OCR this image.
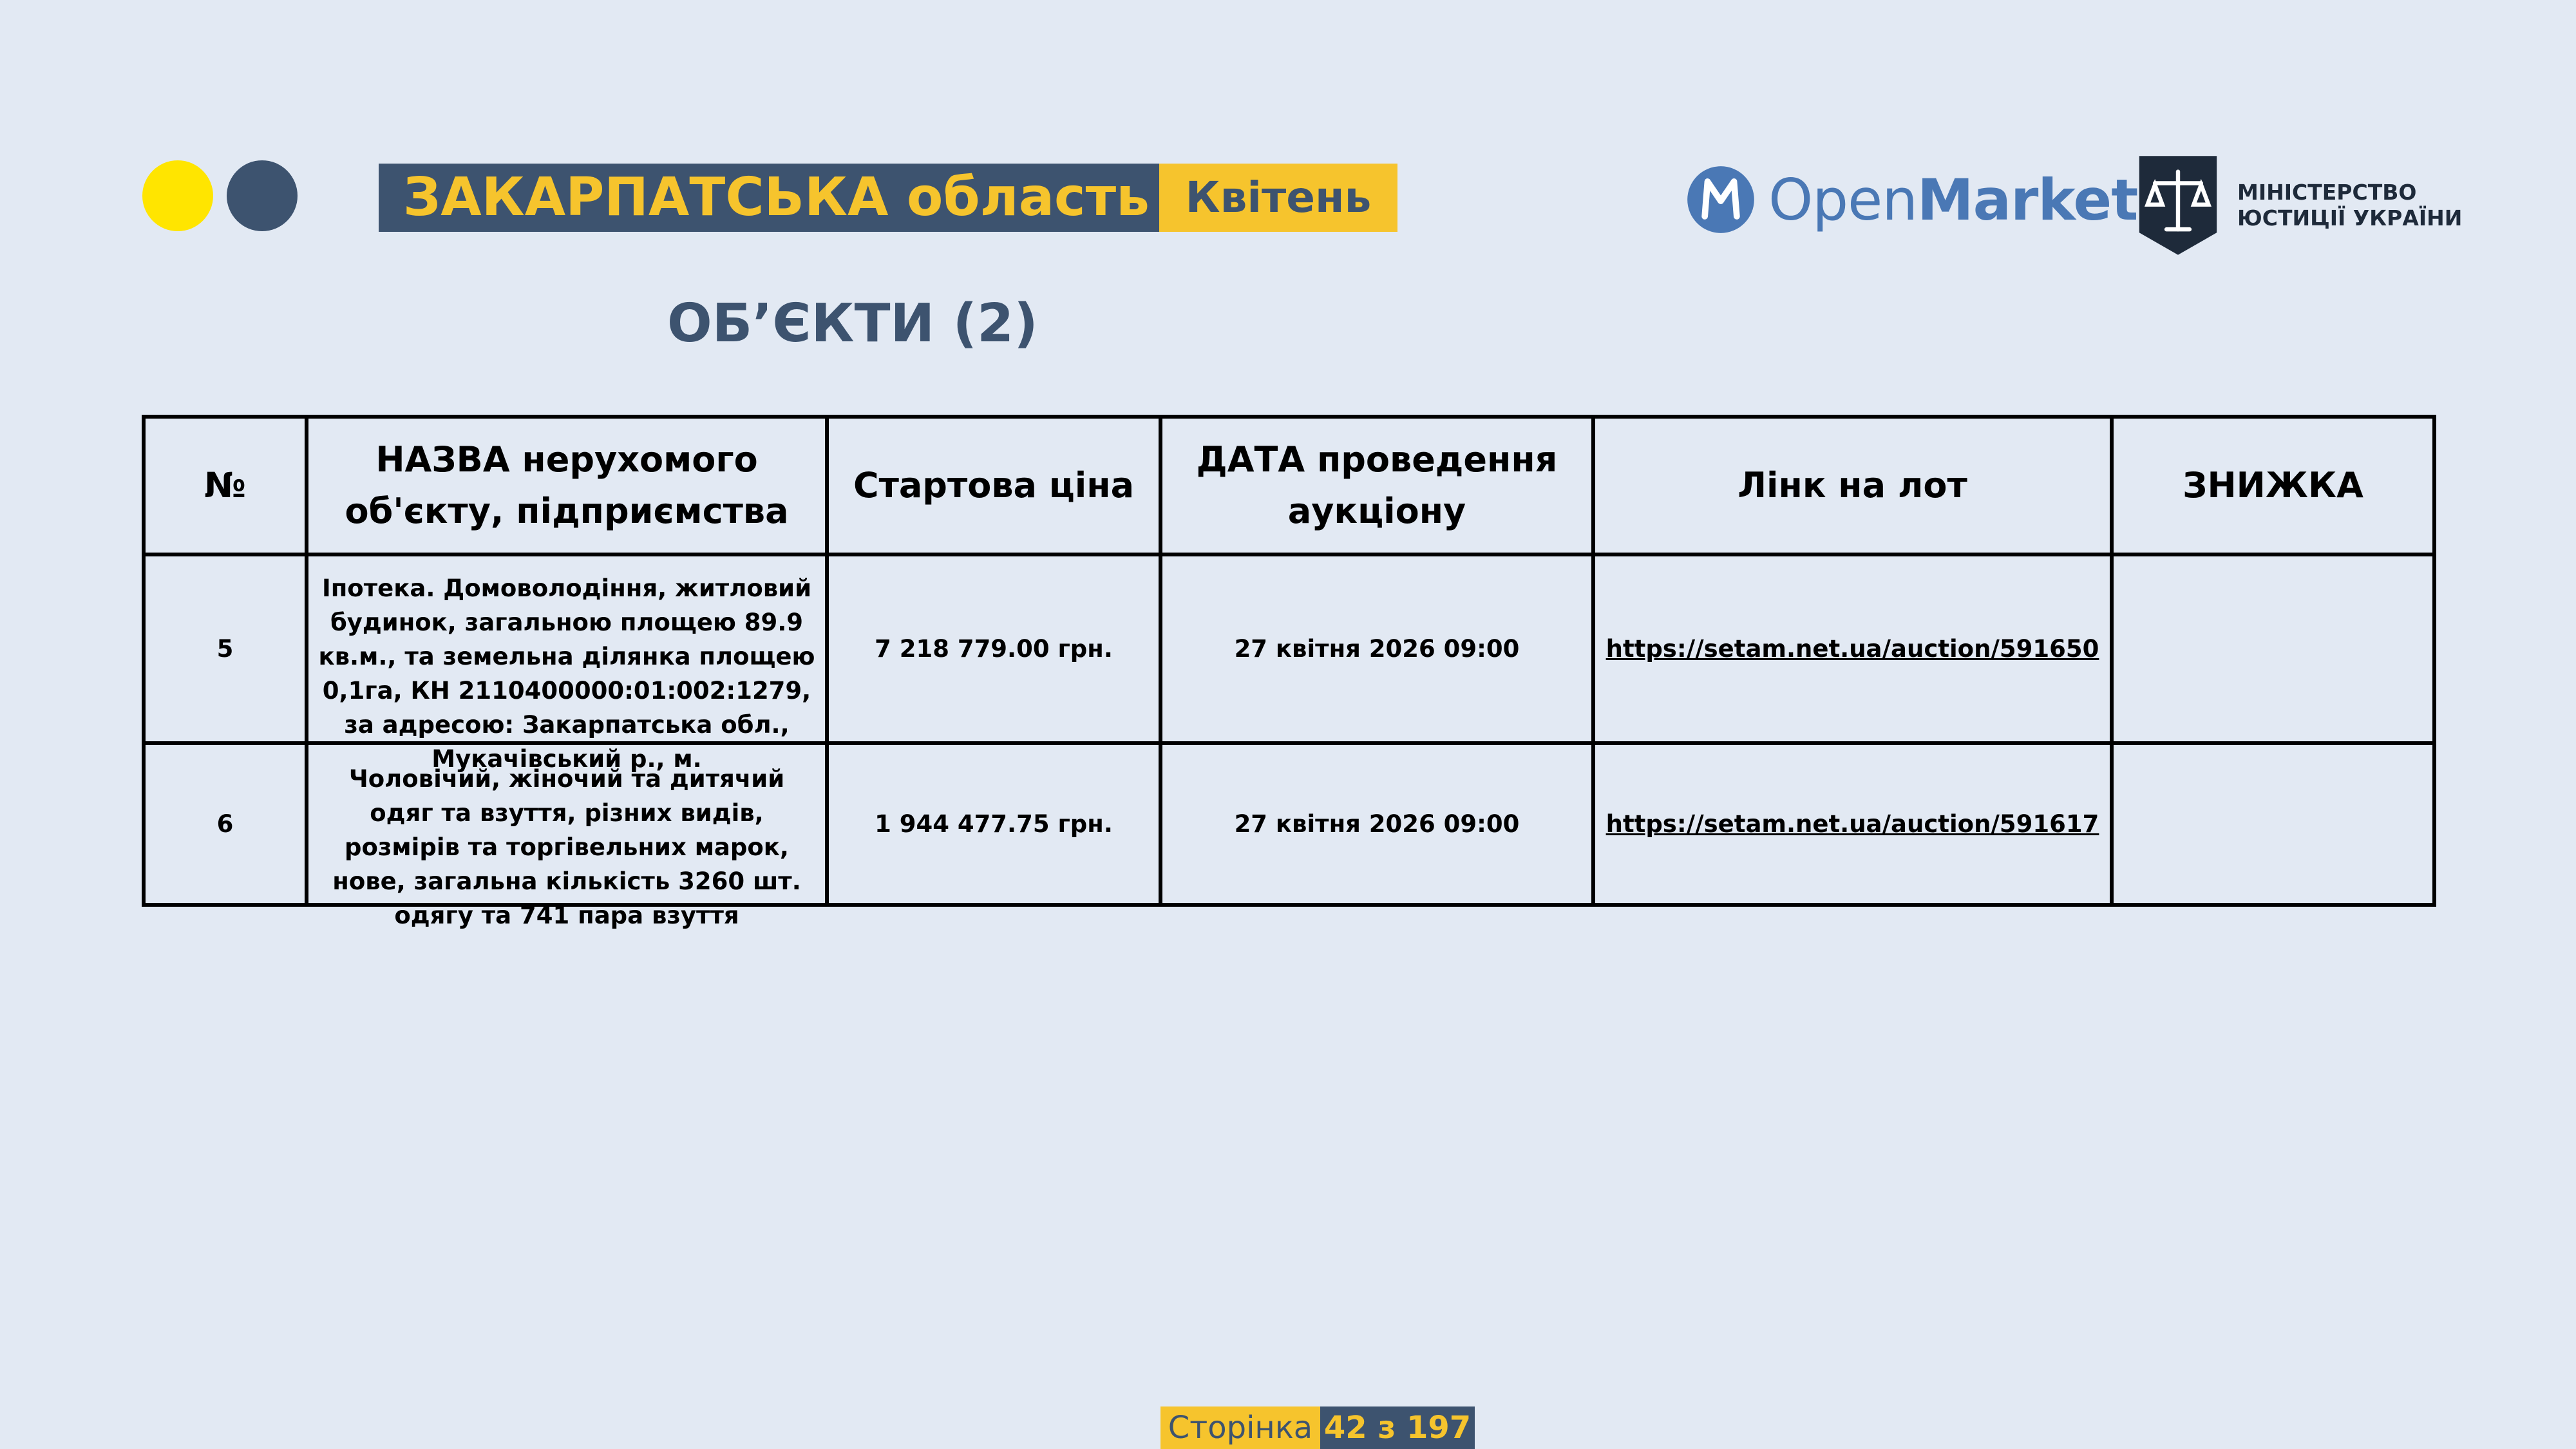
ЗАКАРПАТСЬКА область Квітень
ОБ’ЄКТИ (2)
OpenMarket	МІНІСТЕРСТВО
ЮСТИЦІЇ УКРАЇНИ
№	НАЗВА нерухомого об'єкту, підприємства	Стартова ціна	ДАТА проведення аукціону	Лінк на лот	ЗНИЖКА
5	Іпотека. Домоволодіння, житловий будинок, загальною площею 89.9 кв.м., та земельна ділянка площею 0,1га, КН 2110400000:01:002:1279, за адресою: Закарпатська обл., Мукачівський р., м.	7 218 779.00 грн.	27 квітня 2026 09:00	https://setam.net.ua/auction/591650	
6	Чоловічий, жіночий та дитячий одяг та взуття, різних видів, розмірів та торгівельних марок, нове, загальна кількість 3260 шт. одягу та 741 пара взуття	1 944 477.75 грн.	27 квітня 2026 09:00	https://setam.net.ua/auction/591617	
Сторінка 42 з 197
